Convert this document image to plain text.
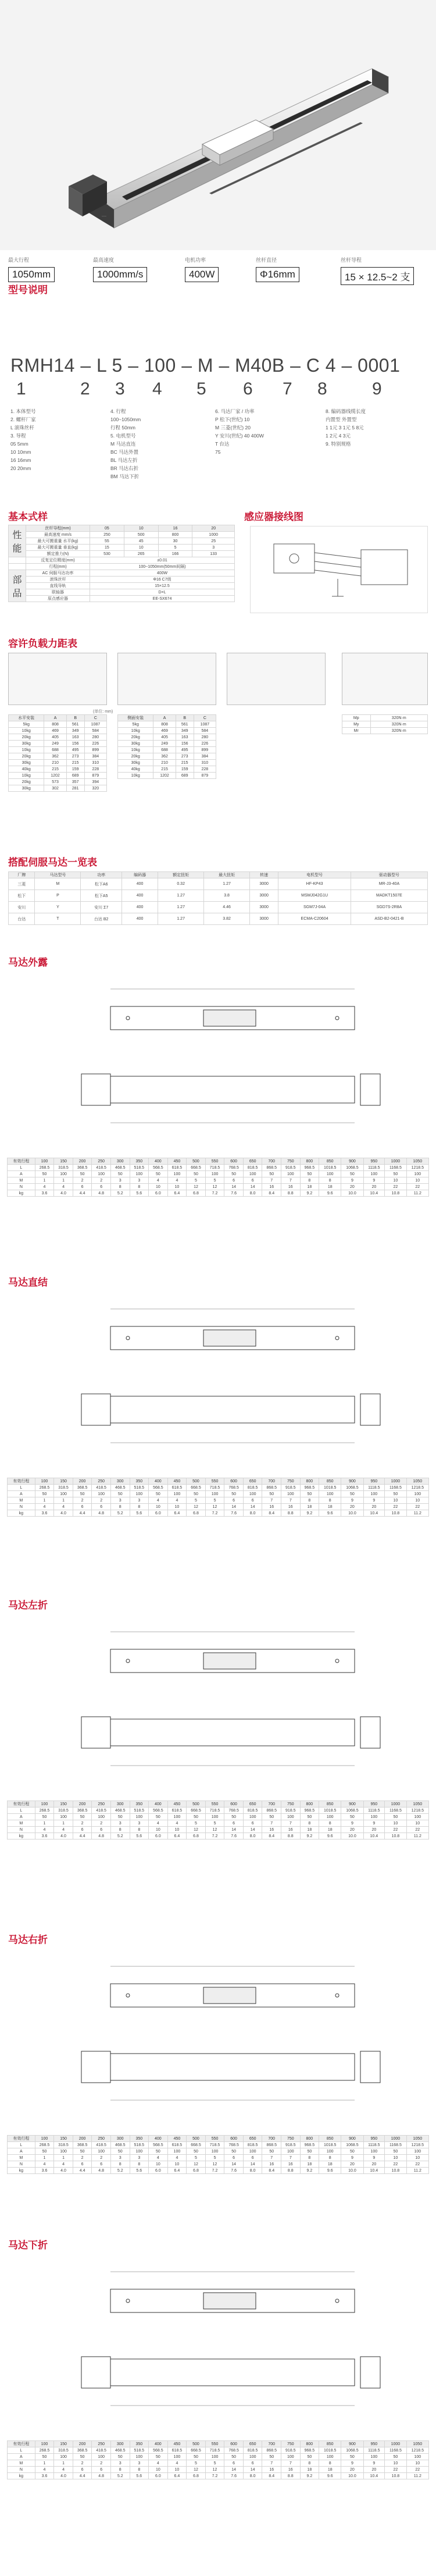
—
最大行程
1050mm
最高速度
1000mm/s
电机功率
400W
丝杆直径
Φ16mm
丝杆导程
15 × 12.5~2 支
型号说明
RMH14 – L 5 – 100 – M – M40B – C 4 – 0001
1	2 3 4 5 6 7 8	9
1. 本体型号
2. 螺杆厂家
L 滚珠丝杆
3. 导程
05 5mm
10 10mm
16 16mm
20 20mm
4. 行程
100~1050mm
行程 50mm
5. 电机型号
M 马达直连
BC 马达外置
BL 马达左折
BR 马达右折
BM 马达下折
6. 马达厂家 / 功率
P 松下(世纪) 10
M 三菱(世纪) 20
Y 安川(世纪) 40 400W
T 台达
75
8. 编码器线缆长度
内置型 外置型
1 1元 3 1元 5 8元
1 2元 4 3元
9. 特别规格
基本式样	感应器接线图
性能	丝杆导程(mm)	05	10	16	20
	最高速度 mm/s	250	500	800	1000
	最大可搬重量 水平(kg)	55	45	30	25
	最大可搬重量 垂直(kg)	15	10	5	3
	额定推力(N)	530	265	166	133
	反复定位精度(mm)	±0.01			
	行程(mm)	100~1050mm(50mm间隔)			
部品	AC 伺服马达功率	400W			
	滚珠丝杆	Φ16 C7级			
	直线导轨	15×12.5			
	联轴器	D×L			
	原点感应器	EE-SX674			
容许负载力距表
(单位: mm)
水平安装	A	B	C
5kg	808	561	1087
10kg	469	349	584
20kg	405	163	280
30kg	249	156	226
10kg	688	495	899
20kg	362	273	384
30kg	210	215	310
40kg	215	159	228
10kg	1202	689	879
20kg	573	357	394
30kg	302	281	320
侧面安装	A	B	C
5kg	808	561	1087
10kg	469	349	584
20kg	405	163	280
30kg	249	156	226
10kg	688	495	899
20kg	362	273	384
30kg	210	215	310
40kg	215	159	228
10kg	1202	689	879
Mp	320N·m
My	320N·m
Mr	320N·m
搭配伺服马达一览表
厂牌	马达型号	功率	编码器	额定扭矩	最大扭矩	转速	电机型号	驱动器型号
三菱	M	松下A6	400	0.32	1.27	3000	HF-KP43	MR-J3-40A
松下	P	松下A5	400	1.27	3.8	3000	MSMJ042G1U	MADKT1507E
安川	Y	安川 Σ7	400	1.27	4.46	3000	SGM7J-04A	SGD7S-2R8A
台达	T	台达 B2	400	1.27	3.82	3000	ECMA-C20604	ASD-B2-0421-B
马达外露
有效行程	100	150	200	250	300	350	400	450	500	550	600	650	700	750	800	850	900	950	1000	1050
L	268.5	318.5	368.5	418.5	468.5	518.5	568.5	618.5	668.5	718.5	768.5	818.5	868.5	918.5	968.5	1018.5	1068.5	1118.5	1168.5	1218.5
A	50	100	50	100	50	100	50	100	50	100	50	100	50	100	50	100	50	100	50	100
M	1	1	2	2	3	3	4	4	5	5	6	6	7	7	8	8	9	9	10	10
N	4	4	6	6	8	8	10	10	12	12	14	14	16	16	18	18	20	20	22	22
kg	3.6	4.0	4.4	4.8	5.2	5.6	6.0	6.4	6.8	7.2	7.6	8.0	8.4	8.8	9.2	9.6	10.0	10.4	10.8	11.2
马达直结
有效行程	100	150	200	250	300	350	400	450	500	550	600	650	700	750	800	850	900	950	1000	1050
L	268.5	318.5	368.5	418.5	468.5	518.5	568.5	618.5	668.5	718.5	768.5	818.5	868.5	918.5	968.5	1018.5	1068.5	1118.5	1168.5	1218.5
A	50	100	50	100	50	100	50	100	50	100	50	100	50	100	50	100	50	100	50	100
M	1	1	2	2	3	3	4	4	5	5	6	6	7	7	8	8	9	9	10	10
N	4	4	6	6	8	8	10	10	12	12	14	14	16	16	18	18	20	20	22	22
kg	3.6	4.0	4.4	4.8	5.2	5.6	6.0	6.4	6.8	7.2	7.6	8.0	8.4	8.8	9.2	9.6	10.0	10.4	10.8	11.2
马达左折
有效行程	100	150	200	250	300	350	400	450	500	550	600	650	700	750	800	850	900	950	1000	1050
L	268.5	318.5	368.5	418.5	468.5	518.5	568.5	618.5	668.5	718.5	768.5	818.5	868.5	918.5	968.5	1018.5	1068.5	1118.5	1168.5	1218.5
A	50	100	50	100	50	100	50	100	50	100	50	100	50	100	50	100	50	100	50	100
M	1	1	2	2	3	3	4	4	5	5	6	6	7	7	8	8	9	9	10	10
N	4	4	6	6	8	8	10	10	12	12	14	14	16	16	18	18	20	20	22	22
kg	3.6	4.0	4.4	4.8	5.2	5.6	6.0	6.4	6.8	7.2	7.6	8.0	8.4	8.8	9.2	9.6	10.0	10.4	10.8	11.2
马达右折
有效行程	100	150	200	250	300	350	400	450	500	550	600	650	700	750	800	850	900	950	1000	1050
L	268.5	318.5	368.5	418.5	468.5	518.5	568.5	618.5	668.5	718.5	768.5	818.5	868.5	918.5	968.5	1018.5	1068.5	1118.5	1168.5	1218.5
A	50	100	50	100	50	100	50	100	50	100	50	100	50	100	50	100	50	100	50	100
M	1	1	2	2	3	3	4	4	5	5	6	6	7	7	8	8	9	9	10	10
N	4	4	6	6	8	8	10	10	12	12	14	14	16	16	18	18	20	20	22	22
kg	3.6	4.0	4.4	4.8	5.2	5.6	6.0	6.4	6.8	7.2	7.6	8.0	8.4	8.8	9.2	9.6	10.0	10.4	10.8	11.2
马达下折
有效行程	100	150	200	250	300	350	400	450	500	550	600	650	700	750	800	850	900	950	1000	1050
L	268.5	318.5	368.5	418.5	468.5	518.5	568.5	618.5	668.5	718.5	768.5	818.5	868.5	918.5	968.5	1018.5	1068.5	1118.5	1168.5	1218.5
A	50	100	50	100	50	100	50	100	50	100	50	100	50	100	50	100	50	100	50	100
M	1	1	2	2	3	3	4	4	5	5	6	6	7	7	8	8	9	9	10	10
N	4	4	6	6	8	8	10	10	12	12	14	14	16	16	18	18	20	20	22	22
kg	3.6	4.0	4.4	4.8	5.2	5.6	6.0	6.4	6.8	7.2	7.6	8.0	8.4	8.8	9.2	9.6	10.0	10.4	10.8	11.2
